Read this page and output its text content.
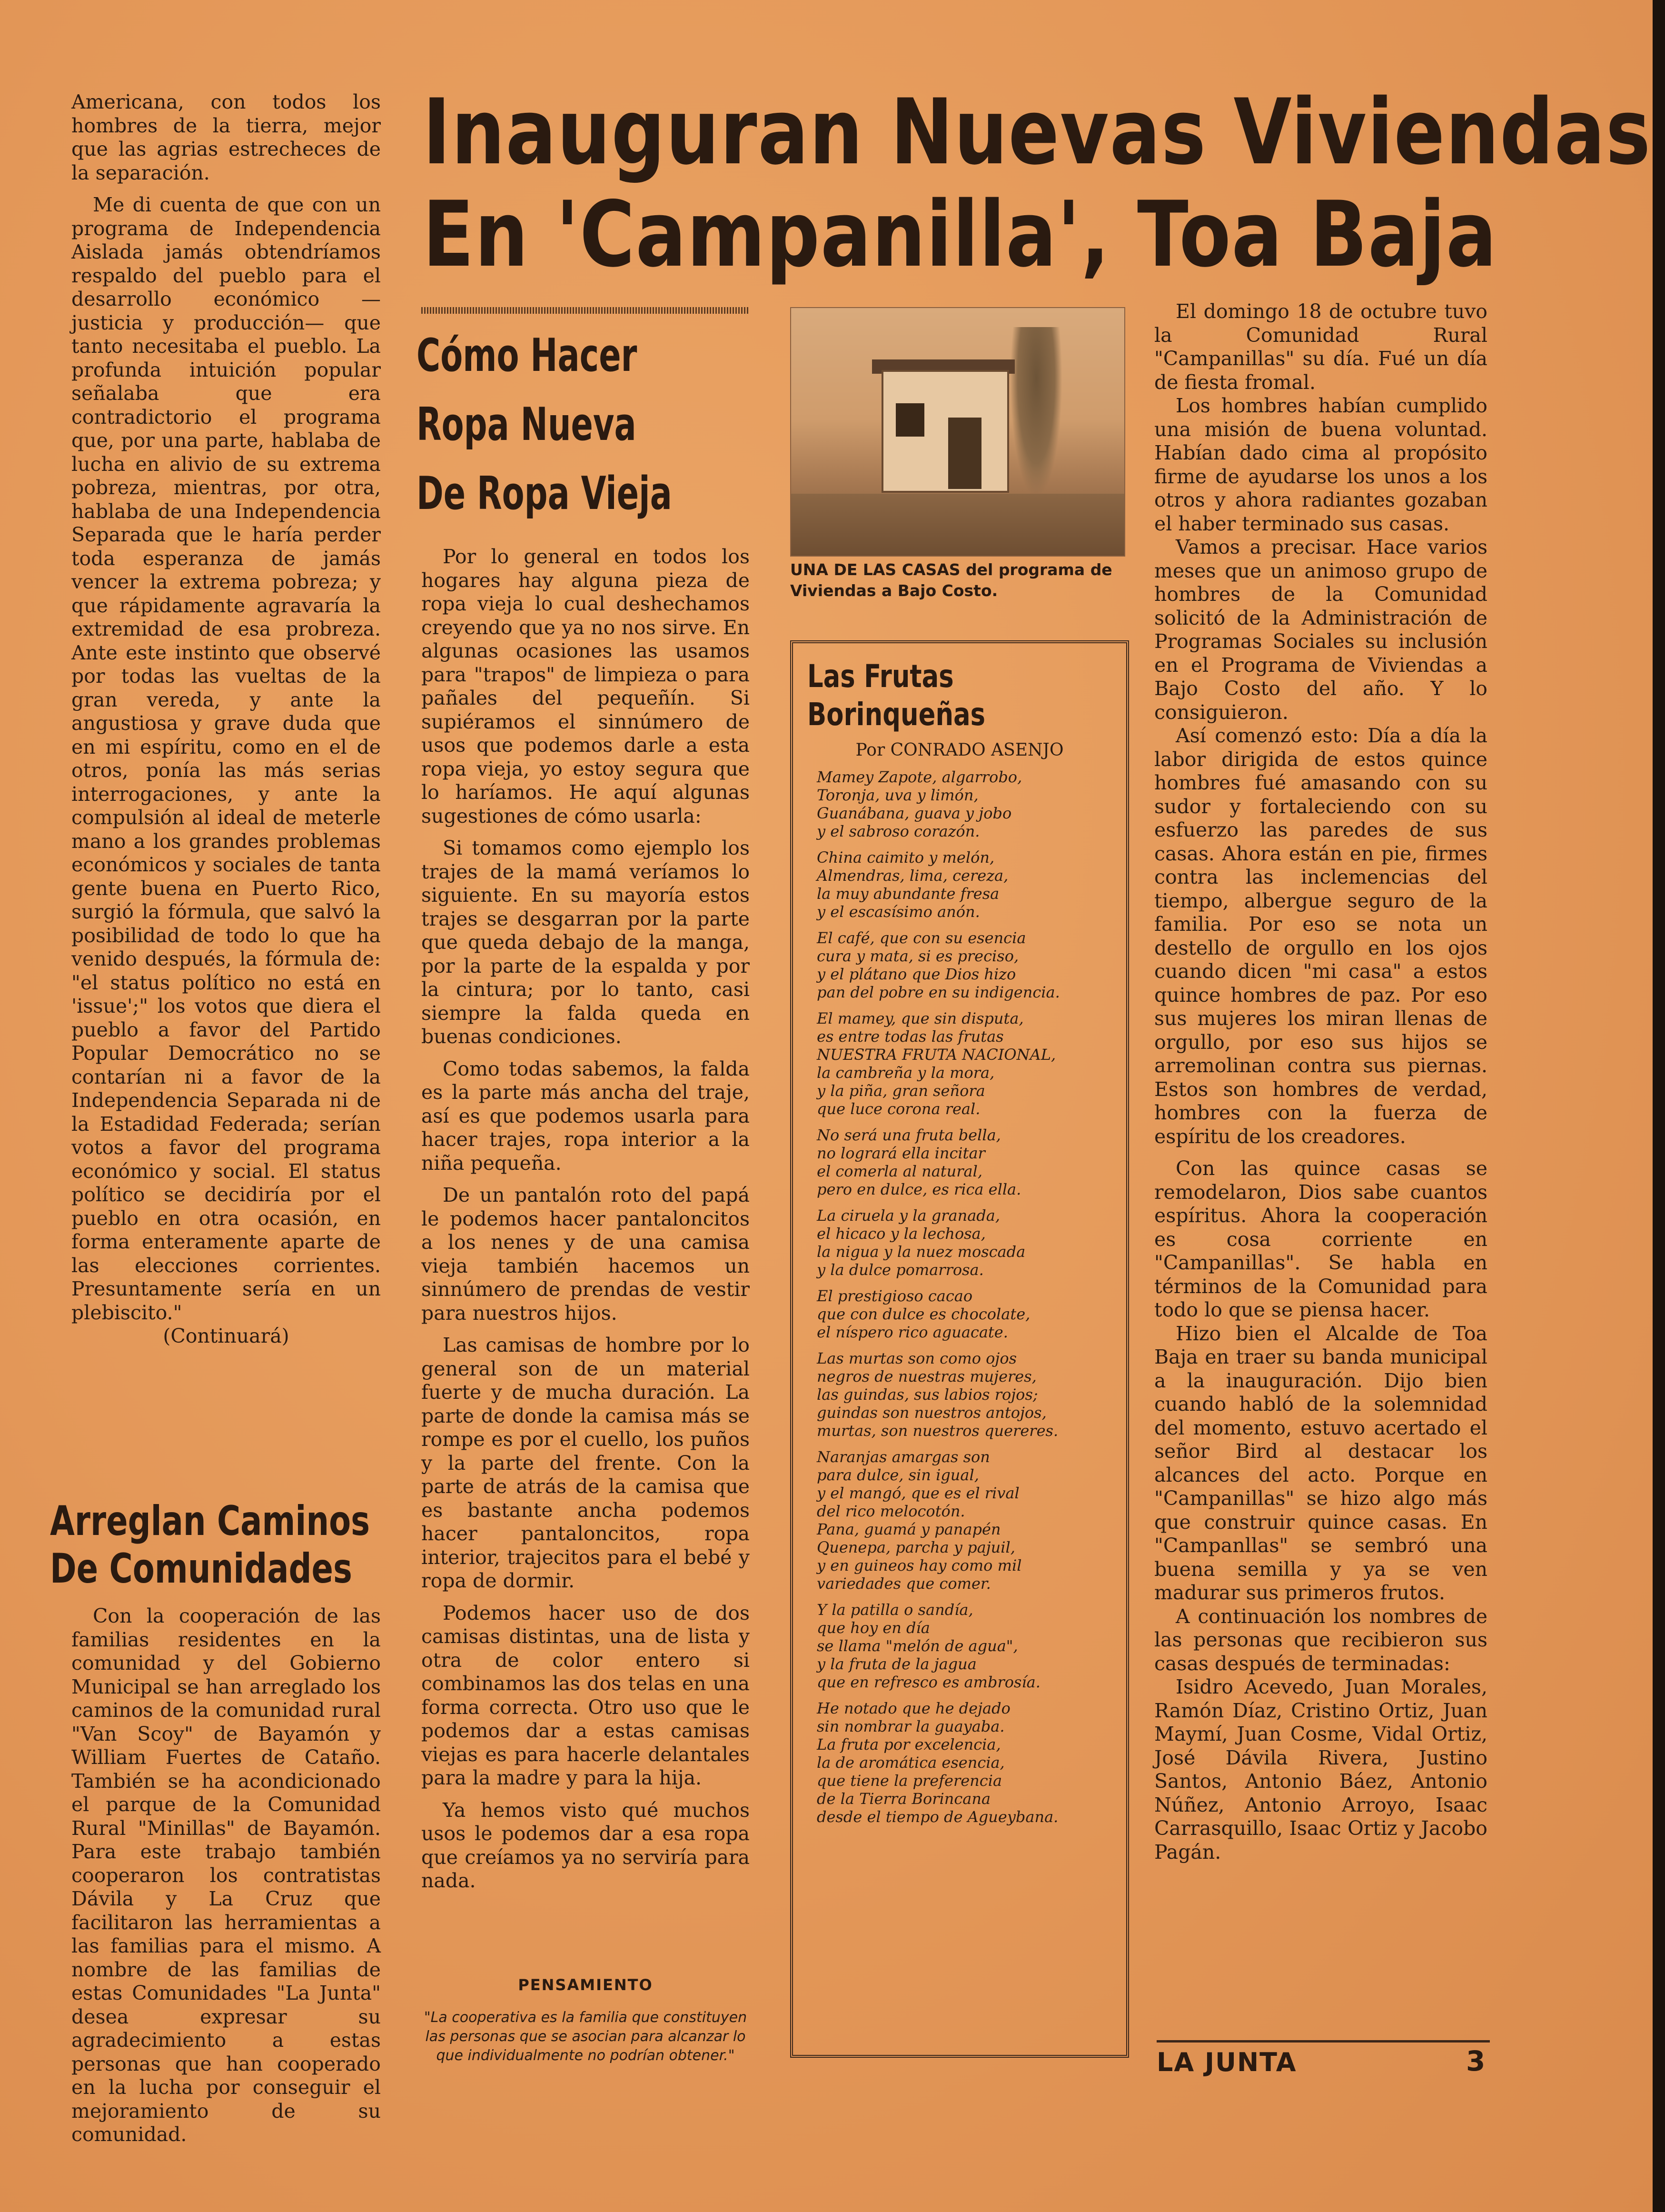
Inauguran Nuevas Viviendas
En 'Campanilla', Toa Baja

Americana, con todos los hombres de la tierra, mejor que las agrias estrecheces de la separación.

Me di cuenta de que con un programa de Independencia Aislada jamás obtendríamos respaldo del pueblo para el desarrollo económico —justicia y producción— que tanto necesitaba el pueblo. La profunda intuición popular señalaba que era contradictorio el programa que, por una parte, hablaba de lucha en alivio de su extrema pobreza, mientras, por otra, hablaba de una Independencia Separada que le haría perder toda esperanza de jamás vencer la extrema pobreza; y que rápidamente agravaría la extremidad de esa probreza. Ante este instinto que observé por todas las vueltas de la gran vereda, y ante la angustiosa y grave duda que en mi espíritu, como en el de otros, ponía las más serias interrogaciones, y ante la compulsión al ideal de meterle mano a los grandes problemas económicos y sociales de tanta gente buena en Puerto Rico, surgió la fórmula, que salvó la posibilidad de todo lo que ha venido después, la fórmula de: "el status político no está en 'issue';" los votos que diera el pueblo a favor del Partido Popular Democrático no se contarían ni a favor de la Independencia Separada ni de la Estadidad Federada; serían votos a favor del programa económico y social. El status político se decidiría por el pueblo en otra ocasión, en forma enteramente aparte de las elecciones corrientes. Presuntamente sería en un plebiscito."

(Continuará)

Arreglan Caminos
De Comunidades

Con la cooperación de las familias residentes en la comunidad y del Gobierno Municipal se han arreglado los caminos de la comunidad rural "Van Scoy" de Bayamón y William Fuertes de Cataño. También se ha acondicionado el parque de la Comunidad Rural "Minillas" de Bayamón. Para este trabajo también cooperaron los contratistas Dávila y La Cruz que facilitaron las herramientas a las familias para el mismo. A nombre de las familias de estas Comunidades "La Junta" desea expresar su agradecimiento a estas personas que han cooperado en la lucha por conseguir el mejoramiento de su comunidad.

Cómo Hacer
Ropa Nueva
De Ropa Vieja

Por lo general en todos los hogares hay alguna pieza de ropa vieja lo cual deshechamos creyendo que ya no nos sirve. En algunas ocasiones las usamos para "trapos" de limpieza o para pañales del pequeñín. Si supiéramos el sinnúmero de usos que podemos darle a esta ropa vieja, yo estoy segura que lo haríamos. He aquí algunas sugestiones de cómo usarla:

Si tomamos como ejemplo los trajes de la mamá veríamos lo siguiente. En su mayoría estos trajes se desgarran por la parte que queda debajo de la manga, por la parte de la espalda y por la cintura; por lo tanto, casi siempre la falda queda en buenas condiciones.

Como todas sabemos, la falda es la parte más ancha del traje, así es que podemos usarla para hacer trajes, ropa interior a la niña pequeña.

De un pantalón roto del papá le podemos hacer pantaloncitos a los nenes y de una camisa vieja también hacemos un sinnúmero de prendas de vestir para nuestros hijos.

Las camisas de hombre por lo general son de un material fuerte y de mucha duración. La parte de donde la camisa más se rompe es por el cuello, los puños y la parte del frente. Con la parte de atrás de la camisa que es bastante ancha podemos hacer pantaloncitos, ropa interior, trajecitos para el bebé y ropa de dormir.

Podemos hacer uso de dos camisas distintas, una de lista y otra de color entero si combinamos las dos telas en una forma correcta. Otro uso que le podemos dar a estas camisas viejas es para hacerle delantales para la madre y para la hija.

Ya hemos visto qué muchos usos le podemos dar a esa ropa que creíamos ya no serviría para nada.

PENSAMIENTO
"La cooperativa es la familia que constituyen las personas que se asocian para alcanzar lo que individualmente no podrían obtener."
UNA DE LAS CASAS del programa de Viviendas a Bajo Costo.
Las Frutas
Borinqueñas
Por CONRADO ASENJO
Mamey Zapote, algarrobo,
Toronja, uva y limón,
Guanábana, guava y jobo
y el sabroso corazón.
China caimito y melón,
Almendras, lima, cereza,
la muy abundante fresa
y el escasísimo anón.
El café, que con su esencia
cura y mata, si es preciso,
y el plátano que Dios hizo
pan del pobre en su indigencia.
El mamey, que sin disputa,
es entre todas las frutas
NUESTRA FRUTA NACIONAL,
la cambreña y la mora,
y la piña, gran señora
que luce corona real.
No será una fruta bella,
no logrará ella incitar
el comerla al natural,
pero en dulce, es rica ella.
La ciruela y la granada,
el hicaco y la lechosa,
la nigua y la nuez moscada
y la dulce pomarrosa.
El prestigioso cacao
que con dulce es chocolate,
el níspero rico aguacate.
Las murtas son como ojos
negros de nuestras mujeres,
las guindas, sus labios rojos;
guindas son nuestros antojos,
murtas, son nuestros quereres.
Naranjas amargas son
para dulce, sin igual,
y el mangó, que es el rival
del rico melocotón.
Pana, guamá y panapén
Quenepa, parcha y pajuil,
y en guineos hay como mil
variedades que comer.
Y la patilla o sandía,
que hoy en día
se llama "melón de agua",
y la fruta de la jagua
que en refresco es ambrosía.
He notado que he dejado
sin nombrar la guayaba.
La fruta por excelencia,
la de aromática esencia,
que tiene la preferencia
de la Tierra Borincana
desde el tiempo de Agueybana.

El domingo 18 de octubre tuvo la Comunidad Rural "Campanillas" su día. Fué un día de fiesta fromal.

Los hombres habían cumplido una misión de buena voluntad. Habían dado cima al propósito firme de ayudarse los unos a los otros y ahora radiantes gozaban el haber terminado sus casas.

Vamos a precisar. Hace varios meses que un animoso grupo de hombres de la Comunidad solicitó de la Administración de Programas Sociales su inclusión en el Programa de Viviendas a Bajo Costo del año. Y lo consiguieron.

Así comenzó esto: Día a día la labor dirigida de estos quince hombres fué amasando con su sudor y fortaleciendo con su esfuerzo las paredes de sus casas. Ahora están en pie, firmes contra las inclemencias del tiempo, albergue seguro de la familia. Por eso se nota un destello de orgullo en los ojos cuando dicen "mi casa" a estos quince hombres de paz. Por eso sus mujeres los miran llenas de orgullo, por eso sus hijos se arremolinan contra sus piernas. Estos son hombres de verdad, hombres con la fuerza de espíritu de los creadores.

Con las quince casas se remodelaron, Dios sabe cuantos espíritus. Ahora la cooperación es cosa corriente en "Campanillas". Se habla en términos de la Comunidad para todo lo que se piensa hacer.

Hizo bien el Alcalde de Toa Baja en traer su banda municipal a la inauguración. Dijo bien cuando habló de la solemnidad del momento, estuvo acertado el señor Bird al destacar los alcances del acto. Porque en "Campanillas" se hizo algo más que construir quince casas. En "Campanllas" se sembró una buena semilla y ya se ven madurar sus primeros frutos.

A continuación los nombres de las personas que recibieron sus casas después de terminadas:

Isidro Acevedo, Juan Morales, Ramón Díaz, Cristino Ortiz, Juan Maymí, Juan Cosme, Vidal Ortiz, José Dávila Rivera, Justino Santos, Antonio Báez, Antonio Núñez, Antonio Arroyo, Isaac Carrasquillo, Isaac Ortiz y Jacobo Pagán.

LA JUNTA	3
